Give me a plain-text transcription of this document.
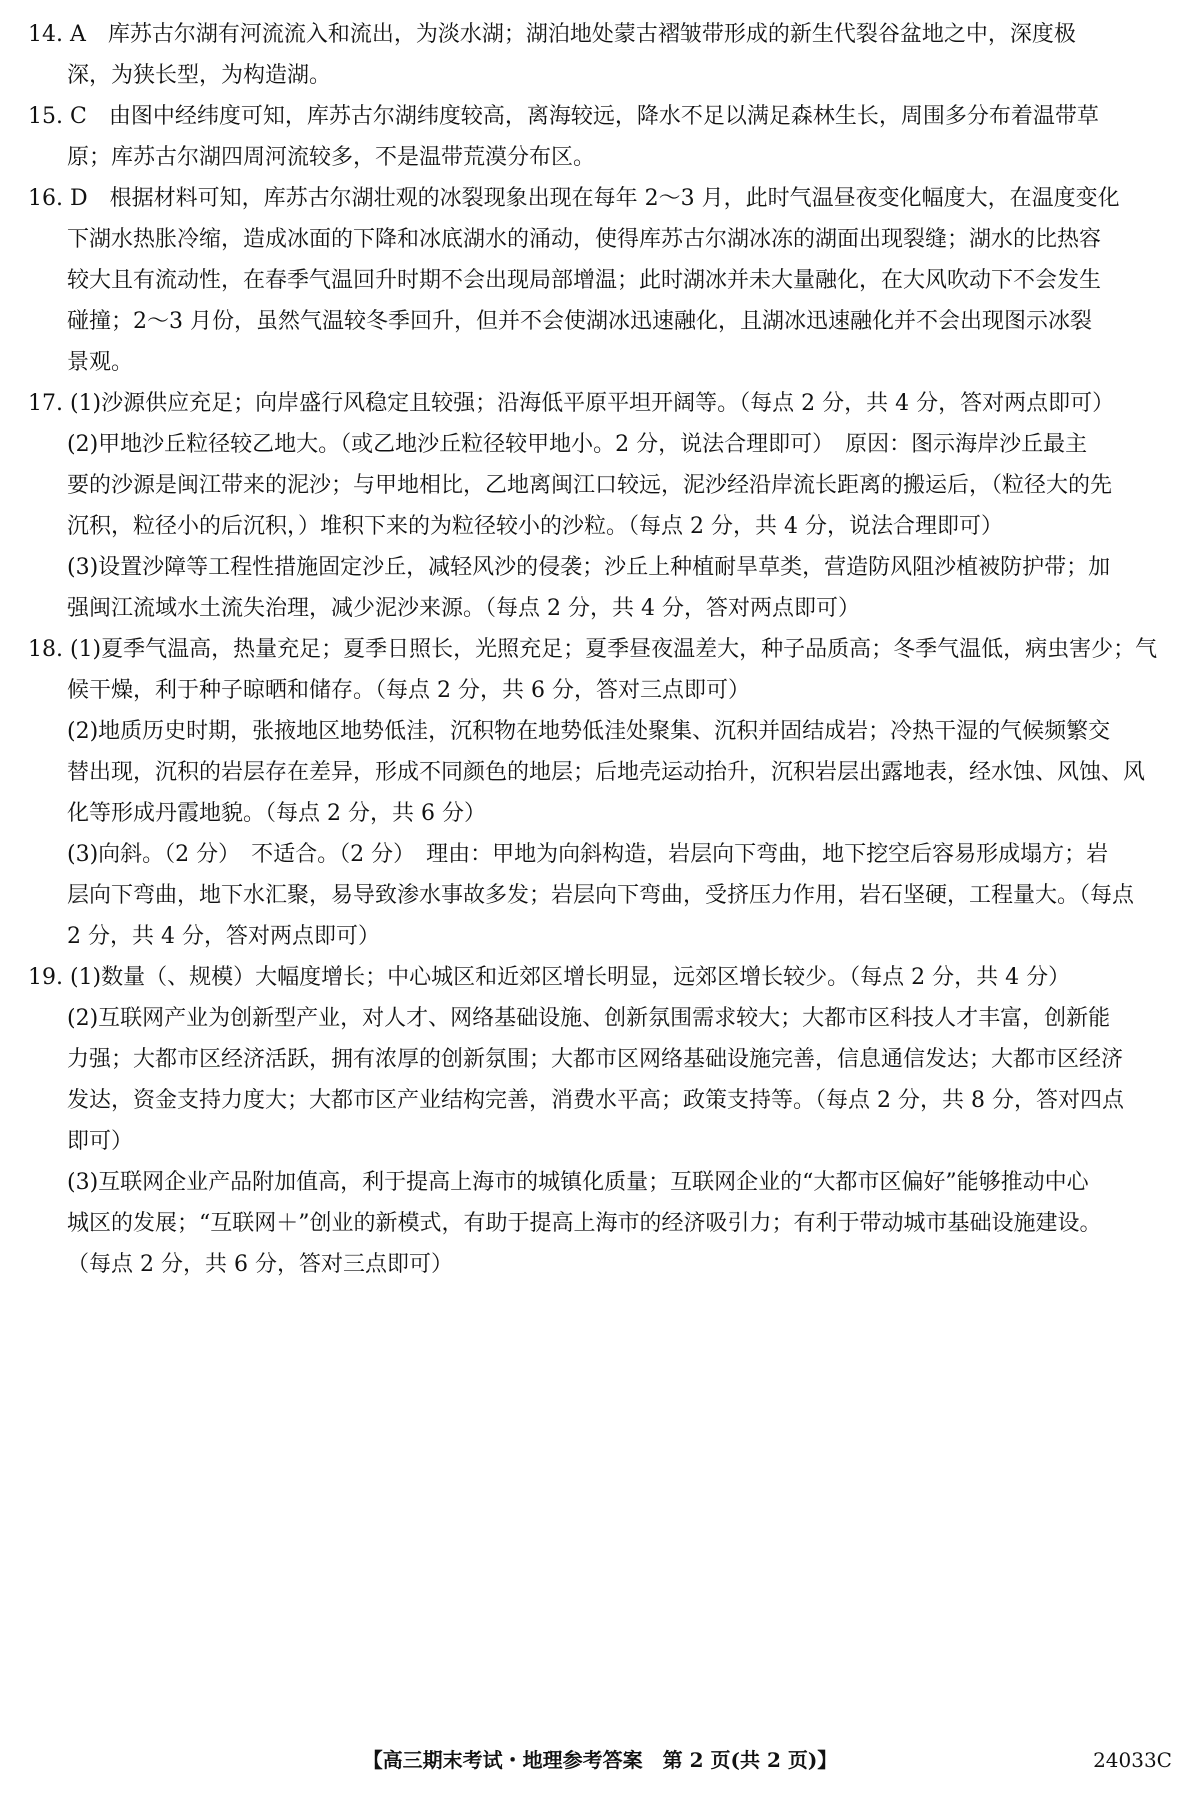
14. A　库苏古尔湖有河流流入和流出，为淡水湖；湖泊地处蒙古褶皱带形成的新生代裂谷盆地之中，深度极
深，为狭长型，为构造湖。
15. C　由图中经纬度可知，库苏古尔湖纬度较高，离海较远，降水不足以满足森林生长，周围多分布着温带草
原；库苏古尔湖四周河流较多，不是温带荒漠分布区。
16. D　根据材料可知，库苏古尔湖壮观的冰裂现象出现在每年 2～3 月，此时气温昼夜变化幅度大，在温度变化
下湖水热胀冷缩，造成冰面的下降和冰底湖水的涌动，使得库苏古尔湖冰冻的湖面出现裂缝；湖水的比热容
较大且有流动性，在春季气温回升时期不会出现局部增温；此时湖冰并未大量融化，在大风吹动下不会发生
碰撞；2～3 月份，虽然气温较冬季回升，但并不会使湖冰迅速融化，且湖冰迅速融化并不会出现图示冰裂
景观。
17. (1)沙源供应充足；向岸盛行风稳定且较强；沿海低平原平坦开阔等。（每点 2 分，共 4 分，答对两点即可）
(2)甲地沙丘粒径较乙地大。（或乙地沙丘粒径较甲地小。2 分，说法合理即可）　原因：图示海岸沙丘最主
要的沙源是闽江带来的泥沙；与甲地相比，乙地离闽江口较远，泥沙经沿岸流长距离的搬运后，（粒径大的先
沉积，粒径小的后沉积，）堆积下来的为粒径较小的沙粒。（每点 2 分，共 4 分，说法合理即可）
(3)设置沙障等工程性措施固定沙丘，减轻风沙的侵袭；沙丘上种植耐旱草类，营造防风阻沙植被防护带；加
强闽江流域水土流失治理，减少泥沙来源。（每点 2 分，共 4 分，答对两点即可）
18. (1)夏季气温高，热量充足；夏季日照长，光照充足；夏季昼夜温差大，种子品质高；冬季气温低，病虫害少；气
候干燥，利于种子晾晒和储存。（每点 2 分，共 6 分，答对三点即可）
(2)地质历史时期，张掖地区地势低洼，沉积物在地势低洼处聚集、沉积并固结成岩；冷热干湿的气候频繁交
替出现，沉积的岩层存在差异，形成不同颜色的地层；后地壳运动抬升，沉积岩层出露地表，经水蚀、风蚀、风
化等形成丹霞地貌。（每点 2 分，共 6 分）
(3)向斜。（2 分）　不适合。（2 分）　理由：甲地为向斜构造，岩层向下弯曲，地下挖空后容易形成塌方；岩
层向下弯曲，地下水汇聚，易导致渗水事故多发；岩层向下弯曲，受挤压力作用，岩石坚硬，工程量大。（每点
2 分，共 4 分，答对两点即可）
19. (1)数量（、规模）大幅度增长；中心城区和近郊区增长明显，远郊区增长较少。（每点 2 分，共 4 分）
(2)互联网产业为创新型产业，对人才、网络基础设施、创新氛围需求较大；大都市区科技人才丰富，创新能
力强；大都市区经济活跃，拥有浓厚的创新氛围；大都市区网络基础设施完善，信息通信发达；大都市区经济
发达，资金支持力度大；大都市区产业结构完善，消费水平高；政策支持等。（每点 2 分，共 8 分，答对四点
即可）
(3)互联网企业产品附加值高，利于提高上海市的城镇化质量；互联网企业的“大都市区偏好”能够推动中心
城区的发展；“互联网＋”创业的新模式，有助于提高上海市的经济吸引力；有利于带动城市基础设施建设。
（每点 2 分，共 6 分，答对三点即可）
【高三期末考试・地理参考答案　第 2 页(共 2 页)】	24033C
